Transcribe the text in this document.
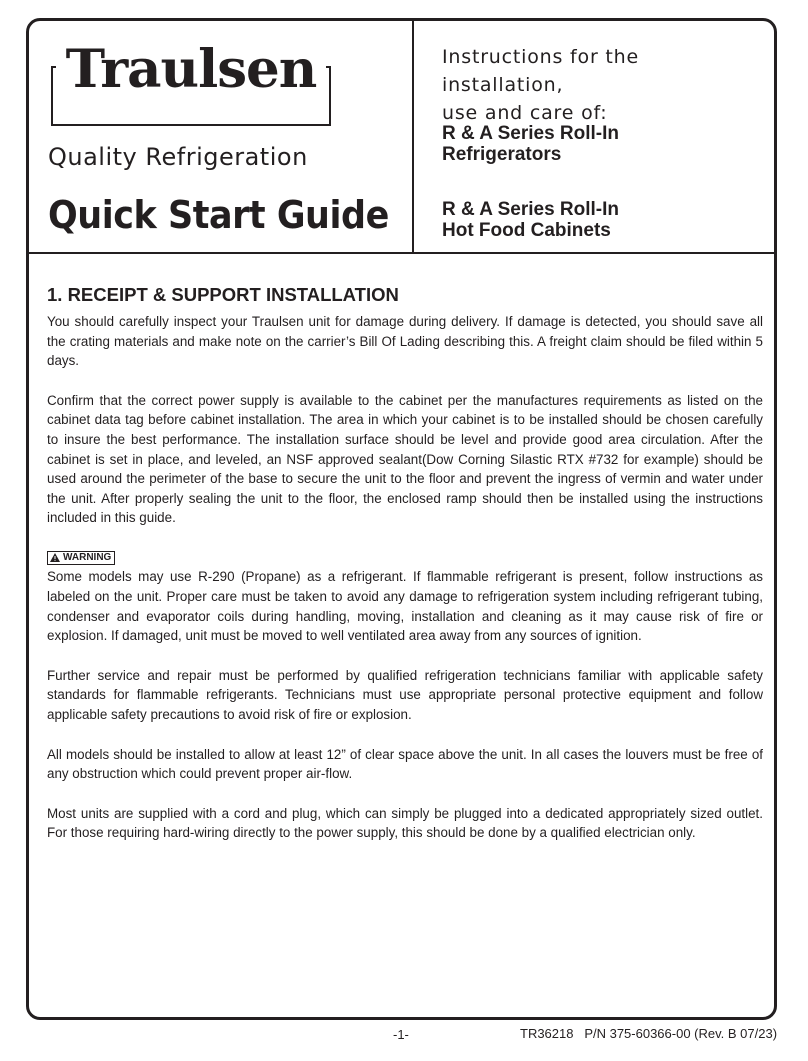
Traulsen
Quality Refrigeration
Quick Start Guide
Instructions for the installation,
use and care of:
R & A Series Roll-In
Refrigerators
R & A Series Roll-In
Hot Food Cabinets
1. RECEIPT & SUPPORT INSTALLATION

You should carefully inspect your Traulsen unit for damage during delivery. If damage is detected, you should save all the crating materials and make note on the carrier’s Bill Of Lading describing this. A freight claim should be filed within 5 days.

Confirm that the correct power supply is available to the cabinet per the manufactures requirements as listed on the cabinet data tag before cabinet installation. The area in which your cabinet is to be installed should be chosen carefully to insure the best performance. The installation surface should be level and provide good area circulation. After the cabinet is set in place, and leveled, an NSF approved sealant(Dow Corning Silastic RTX #732 for example) should be used around the perimeter of the base to secure the unit to the floor and prevent the ingress of vermin and water under the unit. After properly sealing the unit to the floor, the enclosed ramp should then be installed using the instructions included in this guide.

WARNING

Some models may use R-290 (Propane) as a refrigerant. If flammable refrigerant is present, follow instructions as labeled on the unit. Proper care must be taken to avoid any damage to refrigeration system including refrigerant tubing, condenser and evaporator coils during handling, moving, installation and cleaning as it may cause risk of fire or explosion. If damaged, unit must be moved to well ventilated area away from any sources of ignition.

Further service and repair must be performed by qualified refrigeration technicians familiar with applicable safety standards for flammable refrigerants. Technicians must use appropriate personal protective equipment and follow applicable safety precautions to avoid risk of fire or explosion.

All models should be installed to allow at least 12” of clear space above the unit. In all cases the louvers must be free of any obstruction which could prevent proper air-flow.

Most units are supplied with a cord and plug, which can simply be plugged into a dedicated appropriately sized outlet. For those requiring hard-wiring directly to the power supply, this should be done by a qualified electrician only.

-1-	TR36218   P/N 375-60366-00 (Rev. B 07/23)
